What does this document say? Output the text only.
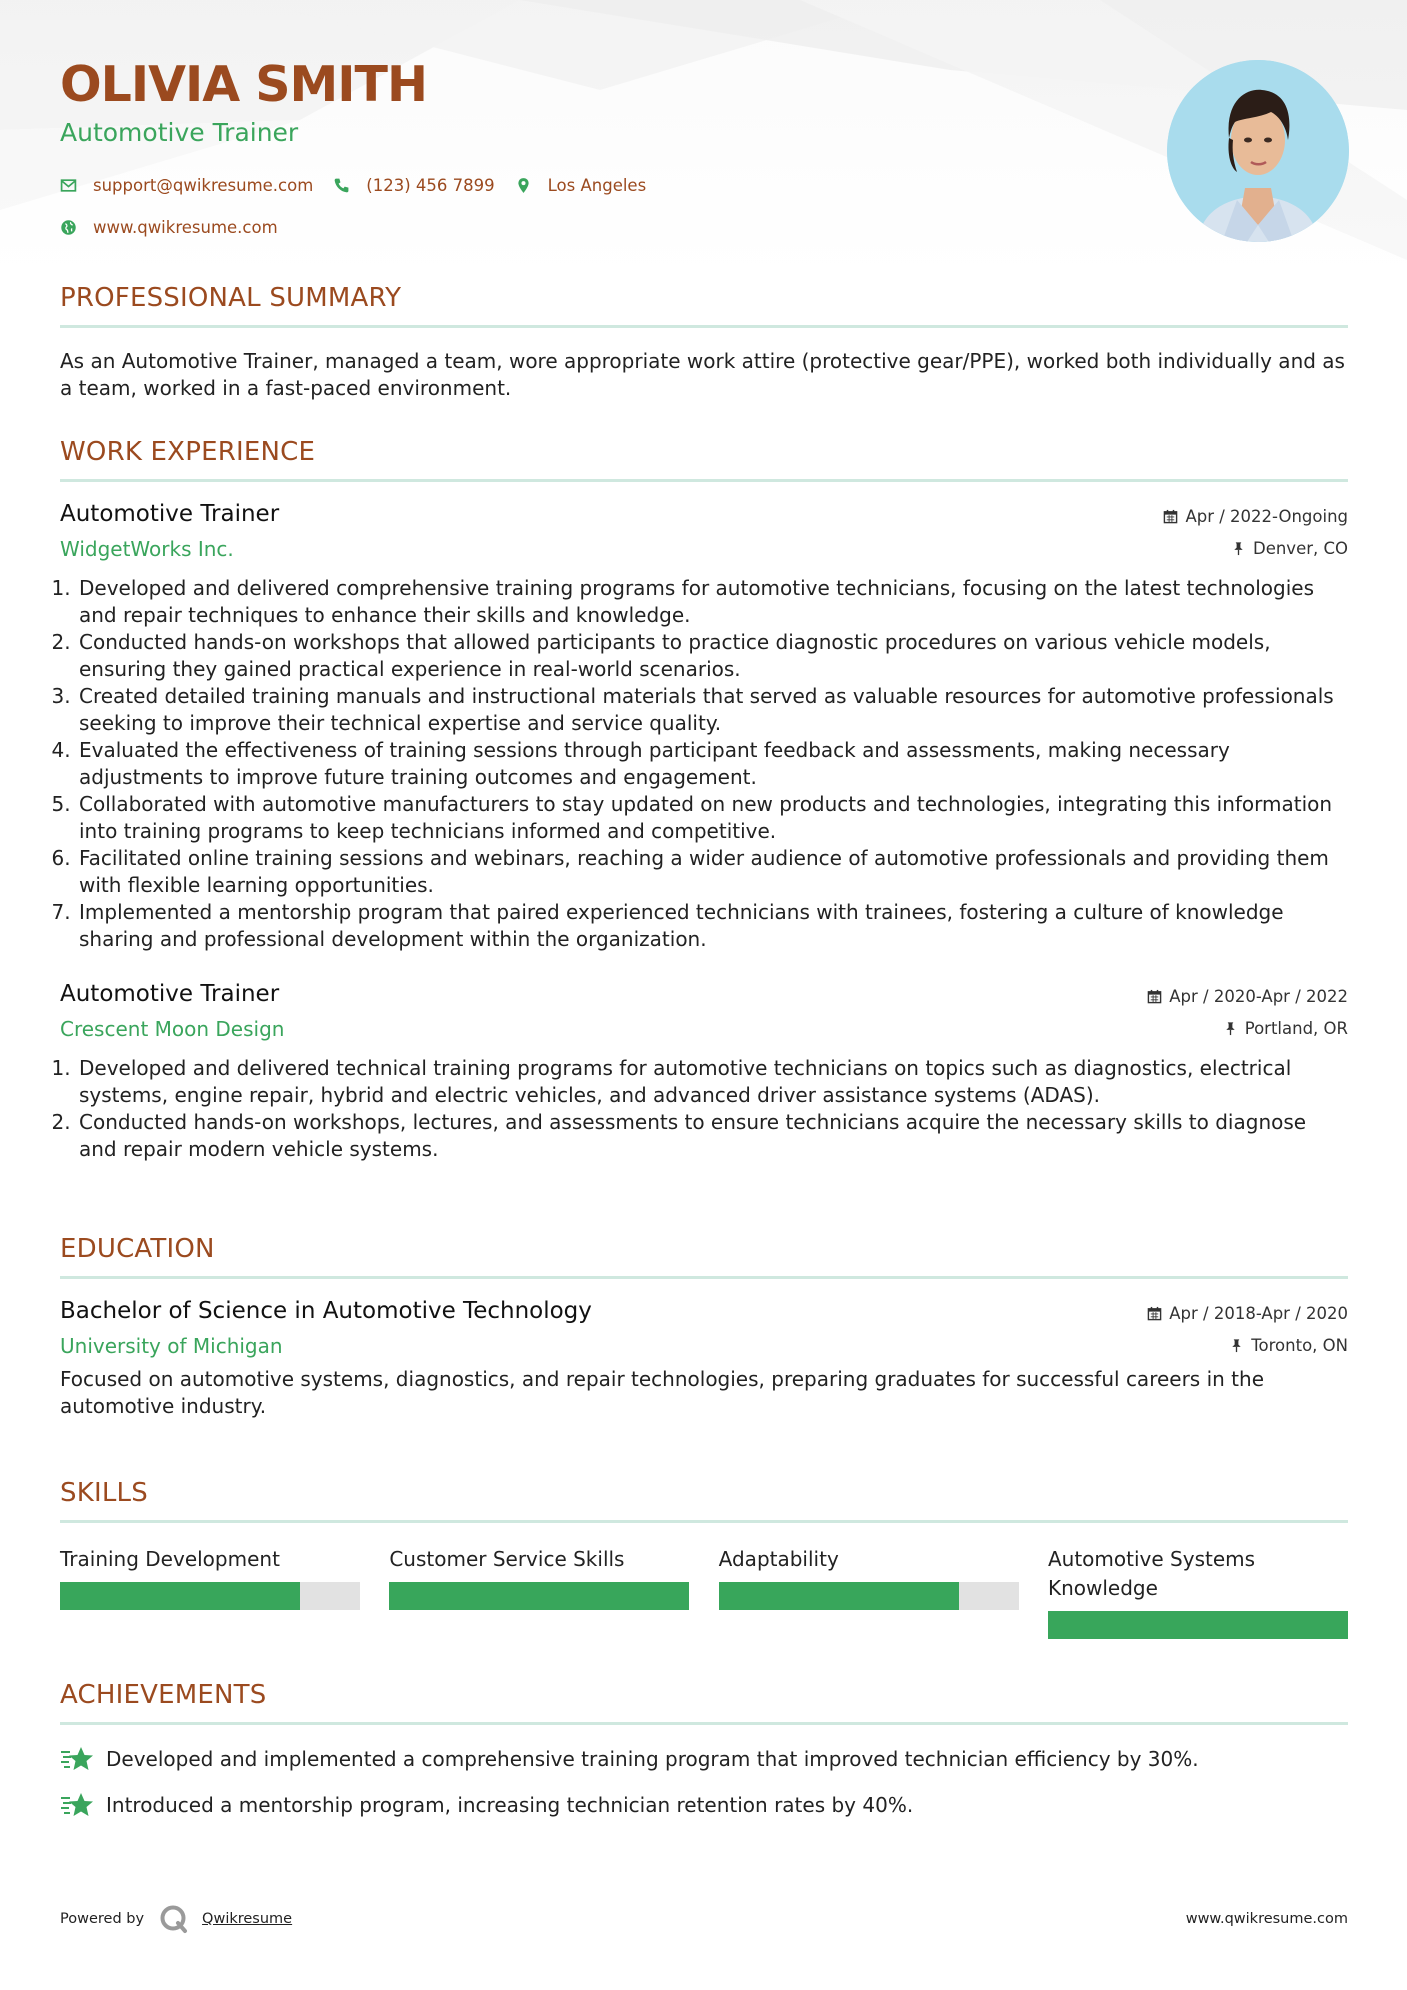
OLIVIA SMITH
Automotive Trainer
support@qwikresume.com	(123) 456 7899	Los Angeles
www.qwikresume.com
PROFESSIONAL SUMMARY
As an Automotive Trainer, managed a team, wore appropriate work attire (protective gear/PPE), worked both individually and as a team, worked in a fast-paced environment.
WORK EXPERIENCE
Automotive Trainer
WidgetWorks Inc.
Apr / 2022-Ongoing
Denver, CO
1. Developed and delivered comprehensive training programs for automotive technicians, focusing on the latest technologies and repair techniques to enhance their skills and knowledge.
2. Conducted hands-on workshops that allowed participants to practice diagnostic procedures on various vehicle models, ensuring they gained practical experience in real-world scenarios.
3. Created detailed training manuals and instructional materials that served as valuable resources for automotive professionals seeking to improve their technical expertise and service quality.
4. Evaluated the effectiveness of training sessions through participant feedback and assessments, making necessary adjustments to improve future training outcomes and engagement.
5. Collaborated with automotive manufacturers to stay updated on new products and technologies, integrating this information into training programs to keep technicians informed and competitive.
6. Facilitated online training sessions and webinars, reaching a wider audience of automotive professionals and providing them with flexible learning opportunities.
7. Implemented a mentorship program that paired experienced technicians with trainees, fostering a culture of knowledge sharing and professional development within the organization.
Automotive Trainer
Crescent Moon Design
Apr / 2020-Apr / 2022
Portland, OR
1. Developed and delivered technical training programs for automotive technicians on topics such as diagnostics, electrical systems, engine repair, hybrid and electric vehicles, and advanced driver assistance systems (ADAS).
2. Conducted hands-on workshops, lectures, and assessments to ensure technicians acquire the necessary skills to diagnose and repair modern vehicle systems.
EDUCATION
Bachelor of Science in Automotive Technology
University of Michigan
Apr / 2018-Apr / 2020
Toronto, ON
Focused on automotive systems, diagnostics, and repair technologies, preparing graduates for successful careers in the automotive industry.
SKILLS
Training Development	Customer Service Skills	Adaptability	Automotive Systems Knowledge
ACHIEVEMENTS
Developed and implemented a comprehensive training program that improved technician efficiency by 30%.
Introduced a mentorship program, increasing technician retention rates by 40%.
Powered by	Qwikresume	www.qwikresume.com
